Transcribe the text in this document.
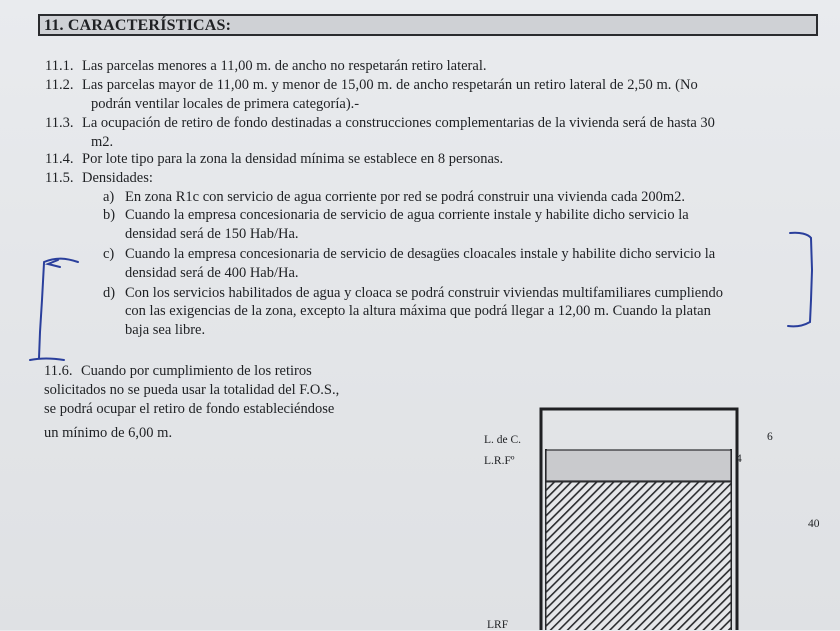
11. CARACTERÍSTICAS:
11.1. Las parcelas menores a 11,00 m. de ancho no respetarán retiro lateral.
11.2. Las parcelas mayor de 11,00 m. y menor de 15,00 m. de ancho respetarán un retiro lateral de 2,50 m. (No
podrán ventilar locales de primera categoría).-
11.3. La ocupación de retiro de fondo destinadas a construcciones complementarias de la vivienda será de hasta 30
m2.
11.4. Por lote tipo para la zona la densidad mínima se establece en 8 personas.
11.5. Densidades:
a) En zona R1c con servicio de agua corriente por red se podrá construir una vivienda cada 200m2.
b) Cuando la empresa concesionaria de servicio de agua corriente instale y habilite dicho servicio la
densidad será de 150 Hab/Ha.
c) Cuando la empresa concesionaria de servicio de desagües cloacales instale y habilite dicho servicio la
densidad será de 400 Hab/Ha.
d) Con los servicios habilitados de agua y cloaca se podrá construir viviendas multifamiliares cumpliendo
con las exigencias de la zona, excepto la altura máxima que podrá llegar a 12,00 m. Cuando la platan
baja sea libre.
11.6. Cuando por cumplimiento de los retiros
solicitados no se pueda usar la totalidad del F.O.S.,
se podrá ocupar el retiro de fondo estableciéndose
un mínimo de 6,00 m.	L. de C.
L.R.Fº
LRF
6
4
40
